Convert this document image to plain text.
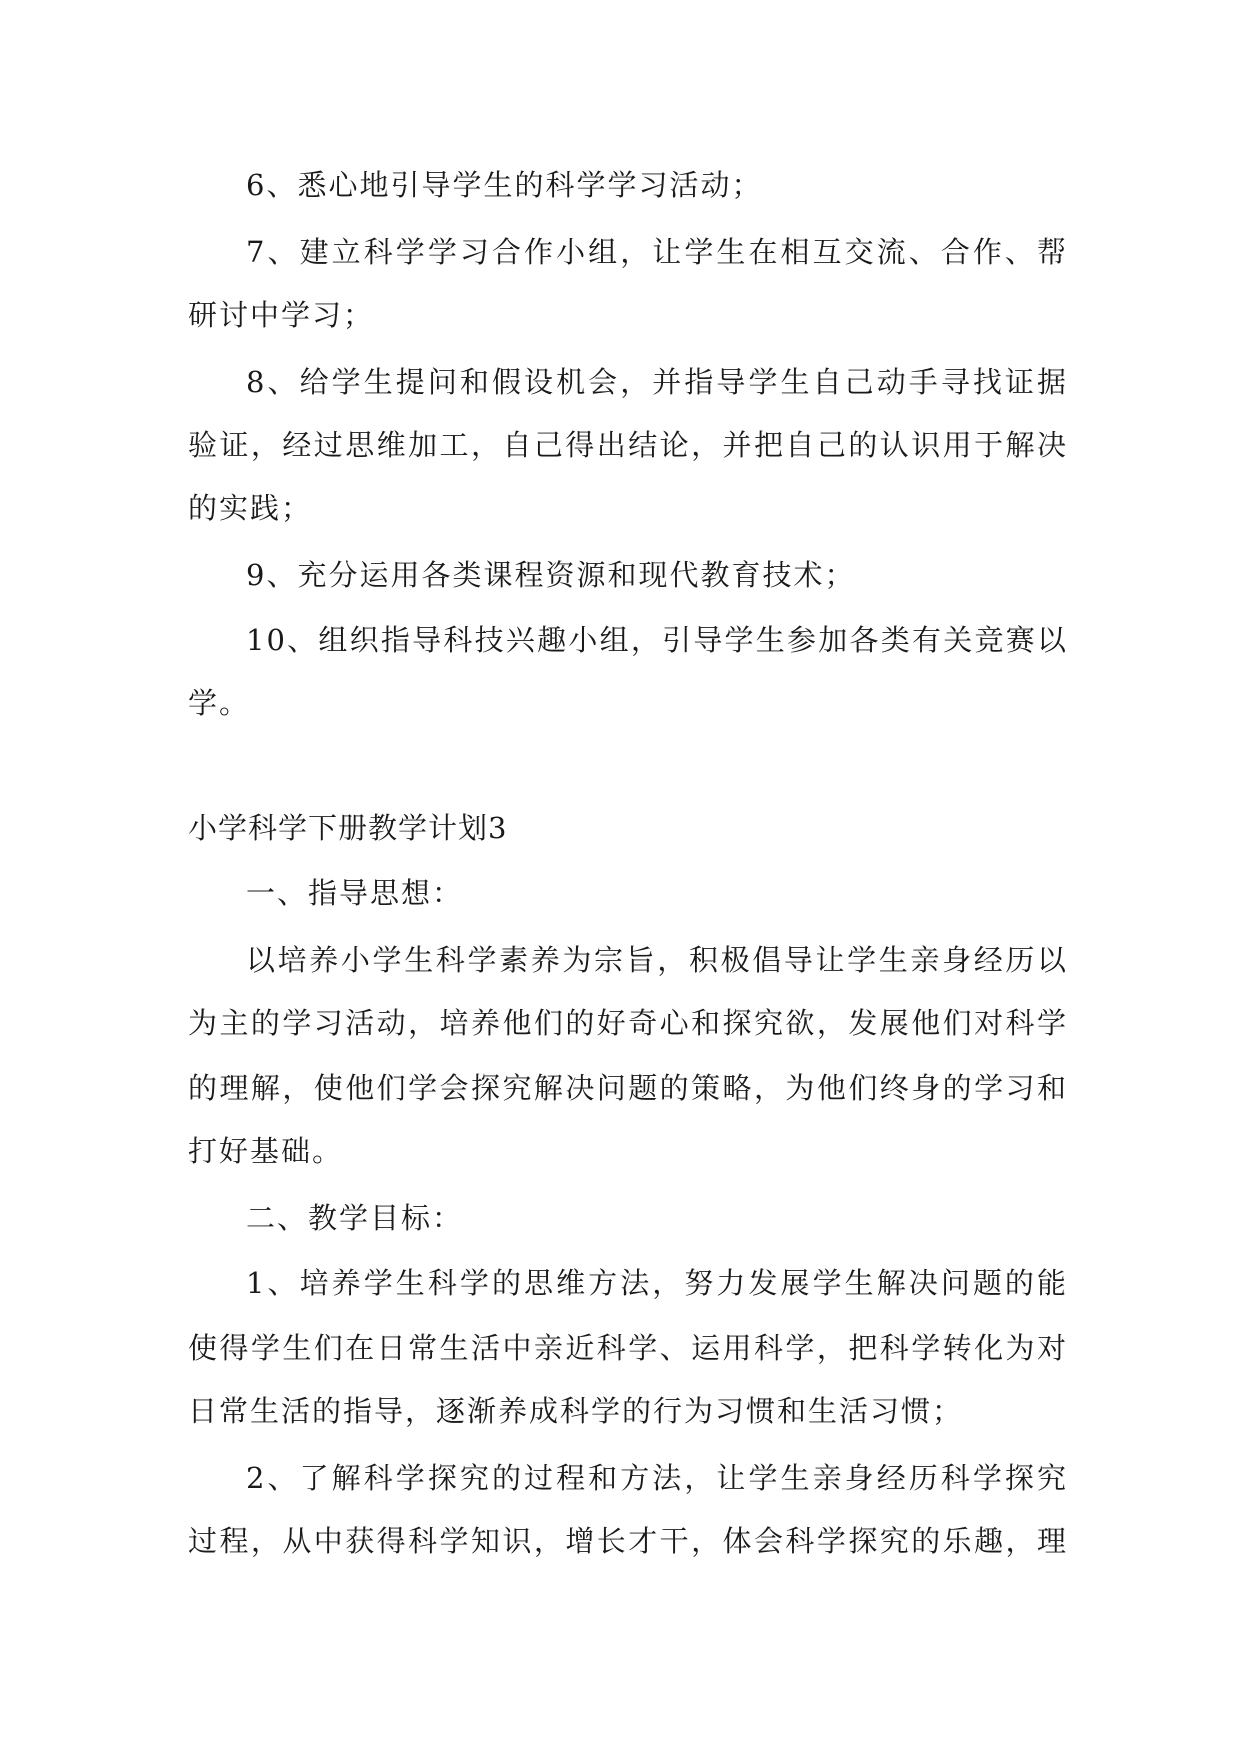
6、悉心地引导学生的科学学习活动；
7、建立科学学习合作小组，让学生在相互交流、合作、帮
研讨中学习；
8、给学生提问和假设机会，并指导学生自己动手寻找证据
验证，经过思维加工，自己得出结论，并把自己的认识用于解决
的实践；
9、充分运用各类课程资源和现代教育技术；
10、组织指导科技兴趣小组，引导学生参加各类有关竞赛以
学。
小学科学下册教学计划3
一、指导思想：
以培养小学生科学素养为宗旨，积极倡导让学生亲身经历以
为主的学习活动，培养他们的好奇心和探究欲，发展他们对科学
的理解，使他们学会探究解决问题的策略，为他们终身的学习和
打好基础。
二、教学目标：
1、培养学生科学的思维方法，努力发展学生解决问题的能
使得学生们在日常生活中亲近科学、运用科学，把科学转化为对
日常生活的指导，逐渐养成科学的行为习惯和生活习惯；
2、了解科学探究的过程和方法，让学生亲身经历科学探究
过程，从中获得科学知识，增长才干，体会科学探究的乐趣，理
